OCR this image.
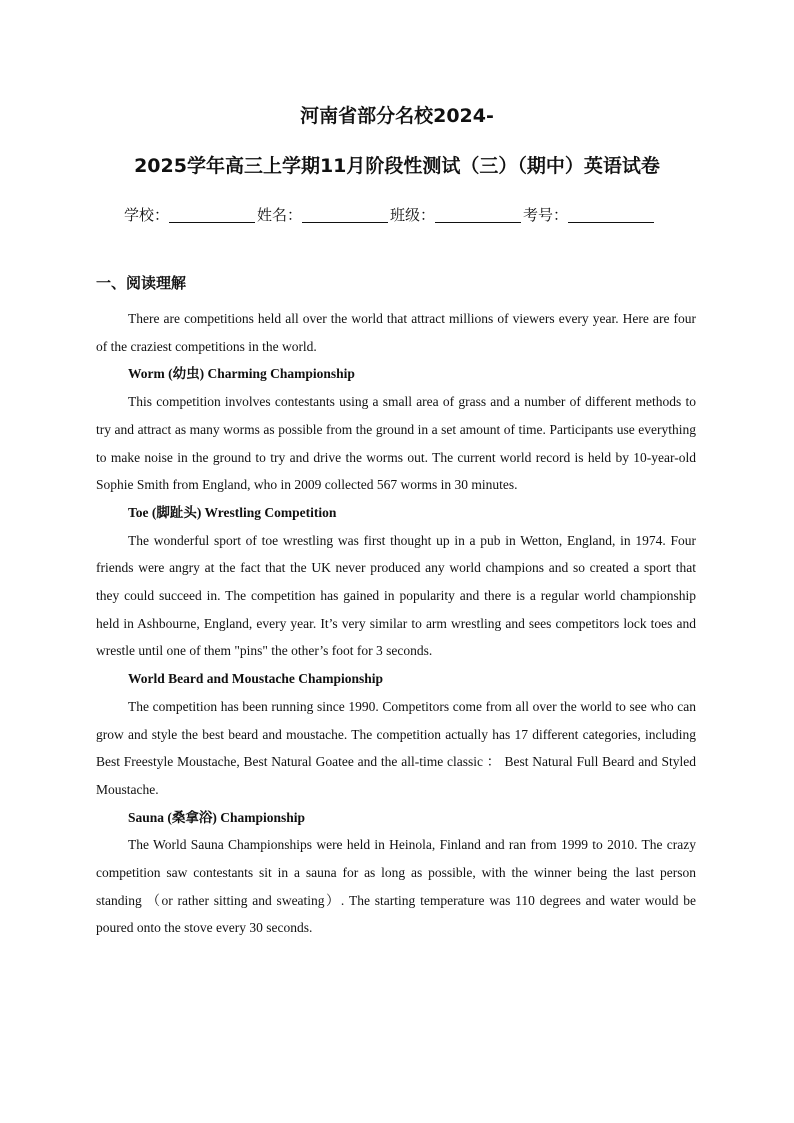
河南省部分名校2024-
2025学年高三上学期11月阶段性测试（三）（期中）英语试卷
学校：	姓名：	班级：	考号：
一、阅读理解

There are competitions held all over the world that attract millions of viewers every year. Here are four of the craziest competitions in the world.

Worm (幼虫) Charming Championship

This competition involves contestants using a small area of grass and a number of different methods to try and attract as many worms as possible from the ground in a set amount of time. Participants use everything to make noise in the ground to try and drive the worms out. The current world record is held by 10-year-old Sophie Smith from England, who in 2009 collected 567 worms in 30 minutes.

Toe (脚趾头) Wrestling Competition

The wonderful sport of toe wrestling was first thought up in a pub in Wetton, England, in 1974. Four friends were angry at the fact that the UK never produced any world champions and so created a sport that they could succeed in. The competition has gained in popularity and there is a regular world championship held in Ashbourne, England, every year. It’s very similar to arm wrestling and sees competitors lock toes and wrestle until one of them "pins" the other’s foot for 3 seconds.

World Beard and Moustache Championship

The competition has been running since 1990. Competitors come from all over the world to see who can grow and style the best beard and moustache. The competition actually has 17 different categories, including Best Freestyle Moustache, Best Natural Goatee and the all-time classic ： Best Natural Full Beard and Styled Moustache.

Sauna (桑拿浴) Championship

The World Sauna Championships were held in Heinola, Finland and ran from 1999 to 2010. The crazy competition saw contestants sit in a sauna for as long as possible, with the winner being the last person standing （or rather sitting and sweating）. The starting temperature was 110 degrees and water would be poured onto the stove every 30 seconds.
